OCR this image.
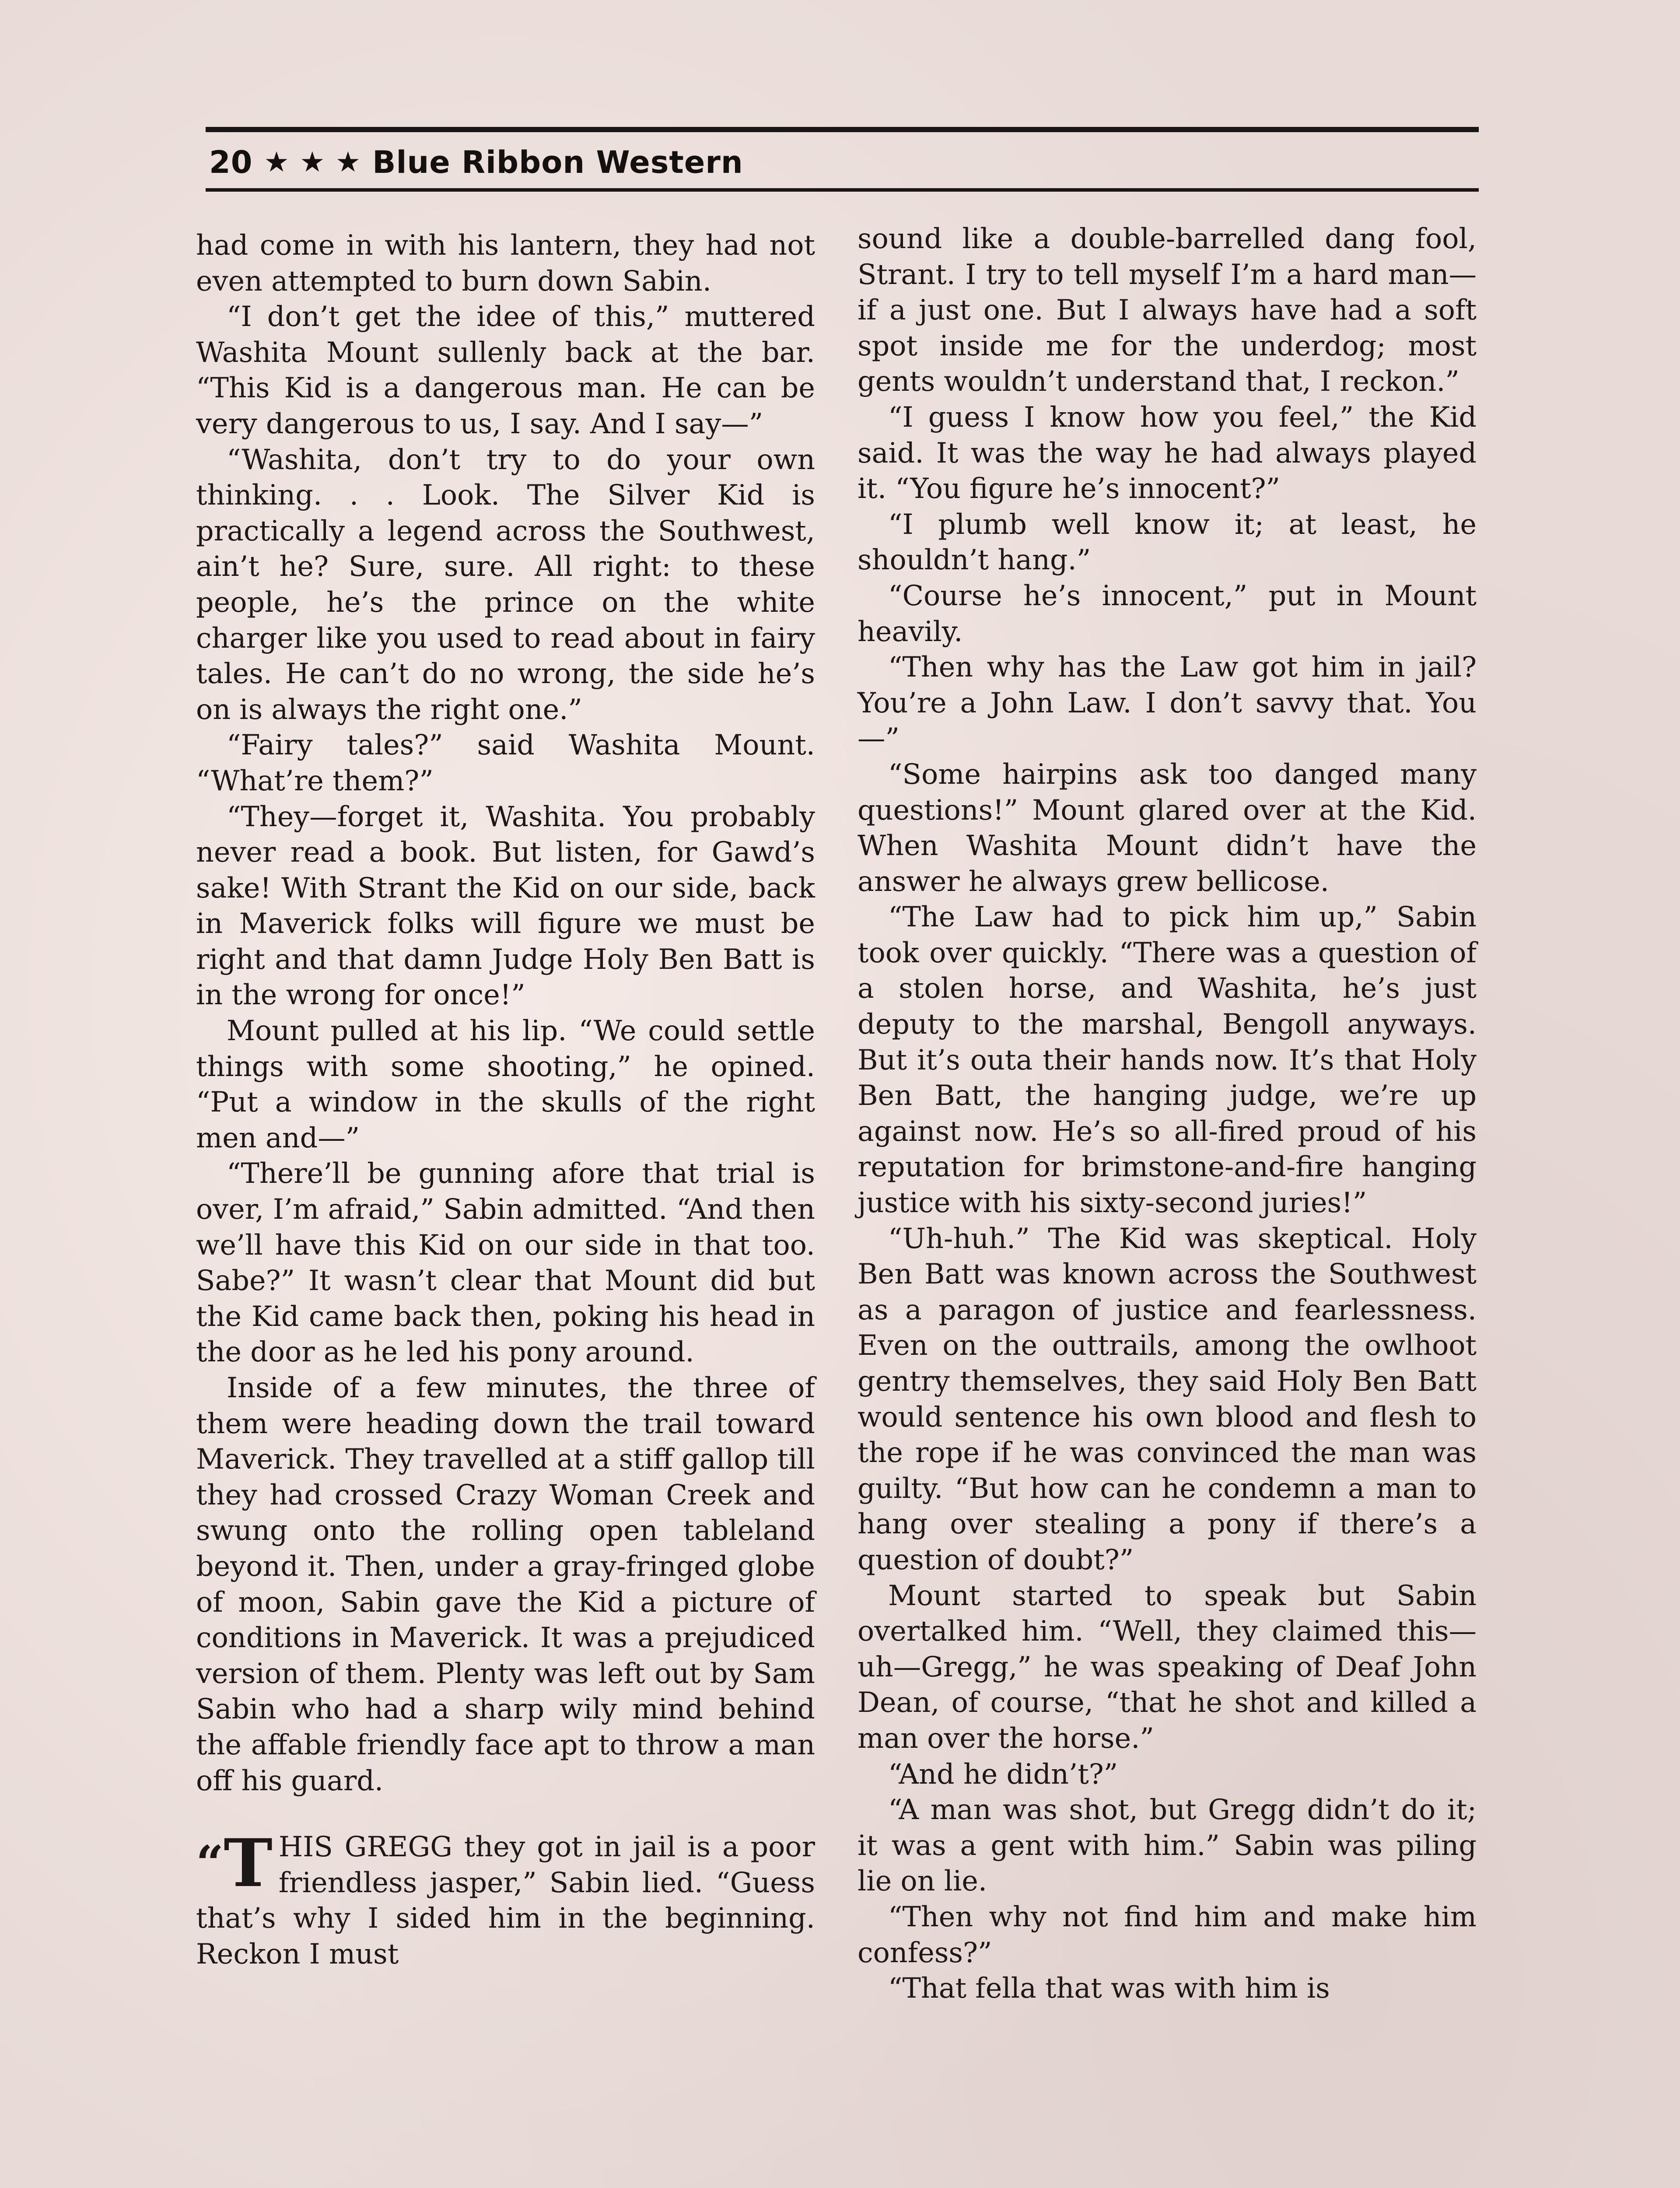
20 ★ ★ ★ Blue Ribbon Western

had come in with his lantern, they had not even attempted to burn down Sabin.

“I don’t get the idee of this,” muttered Washita Mount sullenly back at the bar. “This Kid is a dangerous man. He can be very dangerous to us, I say. And I say—”

“Washita, don’t try to do your own thinking. . . Look. The Silver Kid is practically a legend across the Southwest, ain’t he? Sure, sure. All right: to these people, he’s the prince on the white charger like you used to read about in fairy tales. He can’t do no wrong, the side he’s on is always the right one.”

“Fairy tales?” said Washita Mount. “What’re them?”

“They—forget it, Washita. You probably never read a book. But listen, for Gawd’s sake! With Strant the Kid on our side, back in Maverick folks will figure we must be right and that damn Judge Holy Ben Batt is in the wrong for once!”

Mount pulled at his lip. “We could settle things with some shooting,” he opined. “Put a window in the skulls of the right men and—”

“There’ll be gunning afore that trial is over, I’m afraid,” Sabin admitted. “And then we’ll have this Kid on our side in that too. Sabe?” It wasn’t clear that Mount did but the Kid came back then, poking his head in the door as he led his pony around.

Inside of a few minutes, the three of them were heading down the trail toward Maverick. They travelled at a stiff gallop till they had crossed Crazy Woman Creek and swung onto the rolling open tableland beyond it. Then, under a gray-fringed globe of moon, Sabin gave the Kid a picture of conditions in Maverick. It was a prejudiced version of them. Plenty was left out by Sam Sabin who had a sharp wily mind behind the affable friendly face apt to throw a man off his guard.

“T HIS GREGG they got in jail is a poor friendless jasper,” Sabin lied. “Guess that’s why I sided him in the beginning. Reckon I must

sound like a double-barrelled dang fool, Strant. I try to tell myself I’m a hard man—if a just one. But I always have had a soft spot inside me for the underdog; most gents wouldn’t understand that, I reckon.”

“I guess I know how you feel,” the Kid said. It was the way he had always played it. “You figure he’s innocent?”

“I plumb well know it; at least, he shouldn’t hang.”

“Course he’s innocent,” put in Mount heavily.

“Then why has the Law got him in jail? You’re a John Law. I don’t savvy that. You—”

“Some hairpins ask too danged many questions!” Mount glared over at the Kid. When Washita Mount didn’t have the answer he always grew bellicose.

“The Law had to pick him up,” Sabin took over quickly. “There was a question of a stolen horse, and Washita, he’s just deputy to the marshal, Bengoll anyways. But it’s outa their hands now. It’s that Holy Ben Batt, the hanging judge, we’re up against now. He’s so all-fired proud of his reputation for brimstone-and-fire hanging justice with his sixty-second juries!”

“Uh-huh.” The Kid was skeptical. Holy Ben Batt was known across the Southwest as a paragon of justice and fearlessness. Even on the outtrails, among the owlhoot gentry themselves, they said Holy Ben Batt would sentence his own blood and flesh to the rope if he was convinced the man was guilty. “But how can he condemn a man to hang over stealing a pony if there’s a question of doubt?”

Mount started to speak but Sabin overtalked him. “Well, they claimed this—uh—Gregg,” he was speaking of Deaf John Dean, of course, “that he shot and killed a man over the horse.”

“And he didn’t?”

“A man was shot, but Gregg didn’t do it; it was a gent with him.” Sabin was piling lie on lie.

“Then why not find him and make him confess?”

“That fella that was with him is
